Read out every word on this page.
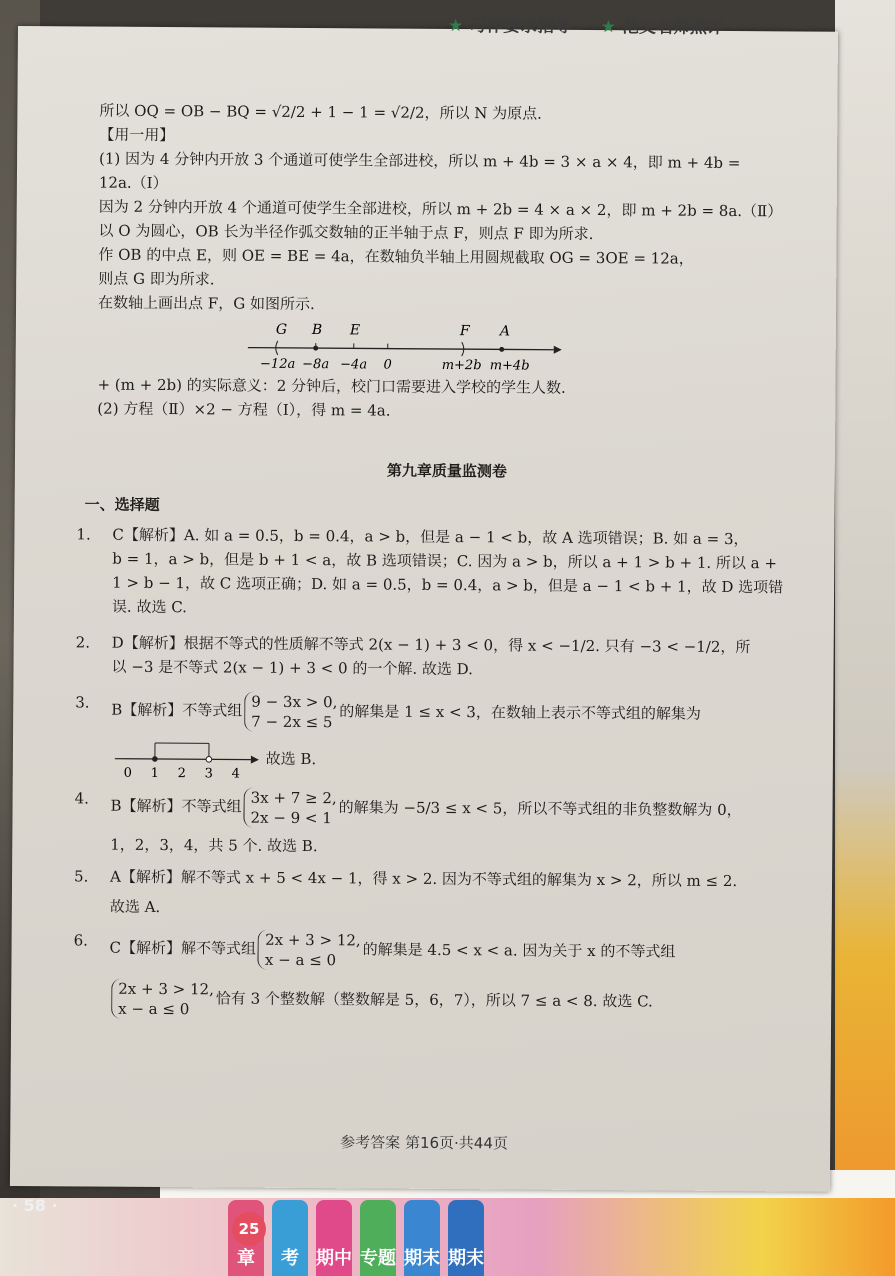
章	考 期中 专题 期末 期末
25
★ 习作要求指导 ★ 范文名师点评

所以 OQ = OB − BQ = √2/2 + 1 − 1 = √2/2，所以 N 为原点.

【用一用】

(1) 因为 4 分钟内开放 3 个通道可使学生全部进校，所以 m + 4b = 3 × a × 4，即 m + 4b =

12a.（Ⅰ）

因为 2 分钟内开放 4 个通道可使学生全部进校，所以 m + 2b = 4 × a × 2，即 m + 2b = 8a.（Ⅱ）

以 O 为圆心，OB 长为半径作弧交数轴的正半轴于点 F，则点 F 即为所求.

作 OB 的中点 E，则 OE = BE = 4a，在数轴负半轴上用圆规截取 OG = 3OE = 12a，

则点 G 即为所求.

在数轴上画出点 F，G 如图所示.

G B E	F A
−12a −8a −4a 0	m+2b m+4b

+ (m + 2b) 的实际意义：2 分钟后，校门口需要进入学校的学生人数.

(2) 方程（Ⅱ）×2 − 方程（Ⅰ），得 m = 4a.

第九章质量监测卷
一、选择题
1.	C【解析】A. 如 a = 0.5，b = 0.4，a > b，但是 a − 1 < b，故 A 选项错误；B. 如 a = 3，

b = 1，a > b，但是 b + 1 < a，故 B 选项错误；C. 因为 a > b，所以 a + 1 > b + 1. 所以 a +

1 > b − 1，故 C 选项正确；D. 如 a = 0.5，b = 0.4，a > b，但是 a − 1 < b + 1，故 D 选项错

误. 故选 C.

2.	D【解析】根据不等式的性质解不等式 2(x − 1) + 3 < 0，得 x < −1/2. 只有 −3 < −1/2，所

以 −3 是不等式 2(x − 1) + 3 < 0 的一个解. 故选 D.

3.	B【解析】不等式组 9 − 3x > 0,
7 − 2x ≤ 5 的解集是 1 ≤ x < 3，在数轴上表示不等式组的解集为

0 1 2 3 4
故选 B.

4.	B【解析】不等式组 3x + 7 ≥ 2,
2x − 9 < 1 的解集为 −5/3 ≤ x < 5，所以不等式组的非负整数解为 0，

1，2，3，4，共 5 个. 故选 B.

5.	A【解析】解不等式 x + 5 < 4x − 1，得 x > 2. 因为不等式组的解集为 x > 2，所以 m ≤ 2.

故选 A.

6.	C【解析】解不等式组 2x + 3 > 12,
x − a ≤ 0	的解集是 4.5 < x < a. 因为关于 x 的不等式组

2x + 3 > 12,
x − a ≤ 0	恰有 3 个整数解（整数解是 5，6，7），所以 7 ≤ a < 8. 故选 C.

参考答案 第16页·共44页
· 58 ·
